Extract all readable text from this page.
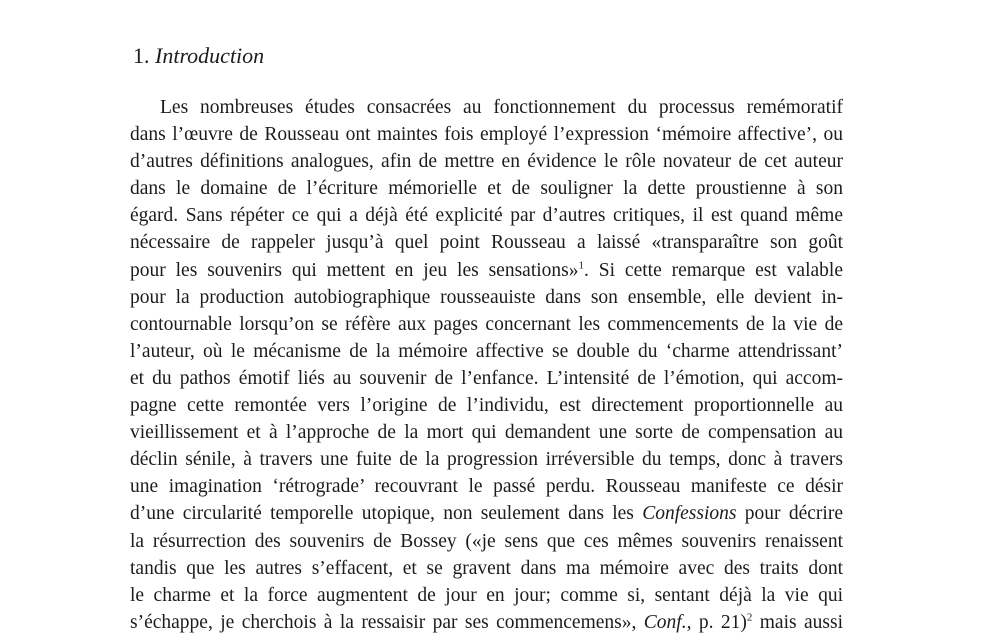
1. Introduction
Les nombreuses études consacrées au fonctionnement du processus remémoratif
dans l’œuvre de Rousseau ont maintes fois employé l’expression ‘mémoire affective’, ou
d’autres définitions analogues, afin de mettre en évidence le rôle novateur de cet auteur
dans le domaine de l’écriture mémorielle et de souligner la dette proustienne à son
égard. Sans répéter ce qui a déjà été explicité par d’autres critiques, il est quand même
nécessaire de rappeler jusqu’à quel point Rousseau a laissé «transparaître son goût
pour les souvenirs qui mettent en jeu les sensations»$^1$. Si cette remarque est valable
pour la production autobiographique rousseauiste dans son ensemble, elle devient in-
contournable lorsqu’on se réfère aux pages concernant les commencements de la vie de
l’auteur, où le mécanisme de la mémoire affective se double du ‘charme attendrissant’
et du pathos émotif liés au souvenir de l’enfance. L’intensité de l’émotion, qui accom-
pagne cette remontée vers l’origine de l’individu, est directement proportionnelle au
vieillissement et à l’approche de la mort qui demandent une sorte de compensation au
déclin sénile, à travers une fuite de la progression irréversible du temps, donc à travers
une imagination ‘rétrograde’ recouvrant le passé perdu. Rousseau manifeste ce désir
d’une circularité temporelle utopique, non seulement dans les Confessions pour décrire
la résurrection des souvenirs de Bossey («je sens que ces mêmes souvenirs renaissent
tandis que les autres s’effacent, et se gravent dans ma mémoire avec des traits dont
le charme et la force augmentent de jour en jour; comme si, sentant déjà la vie qui
s’échappe, je cherchois à la ressaisir par ses commencemens», Conf., p. 21)$^2$ mais aussi
